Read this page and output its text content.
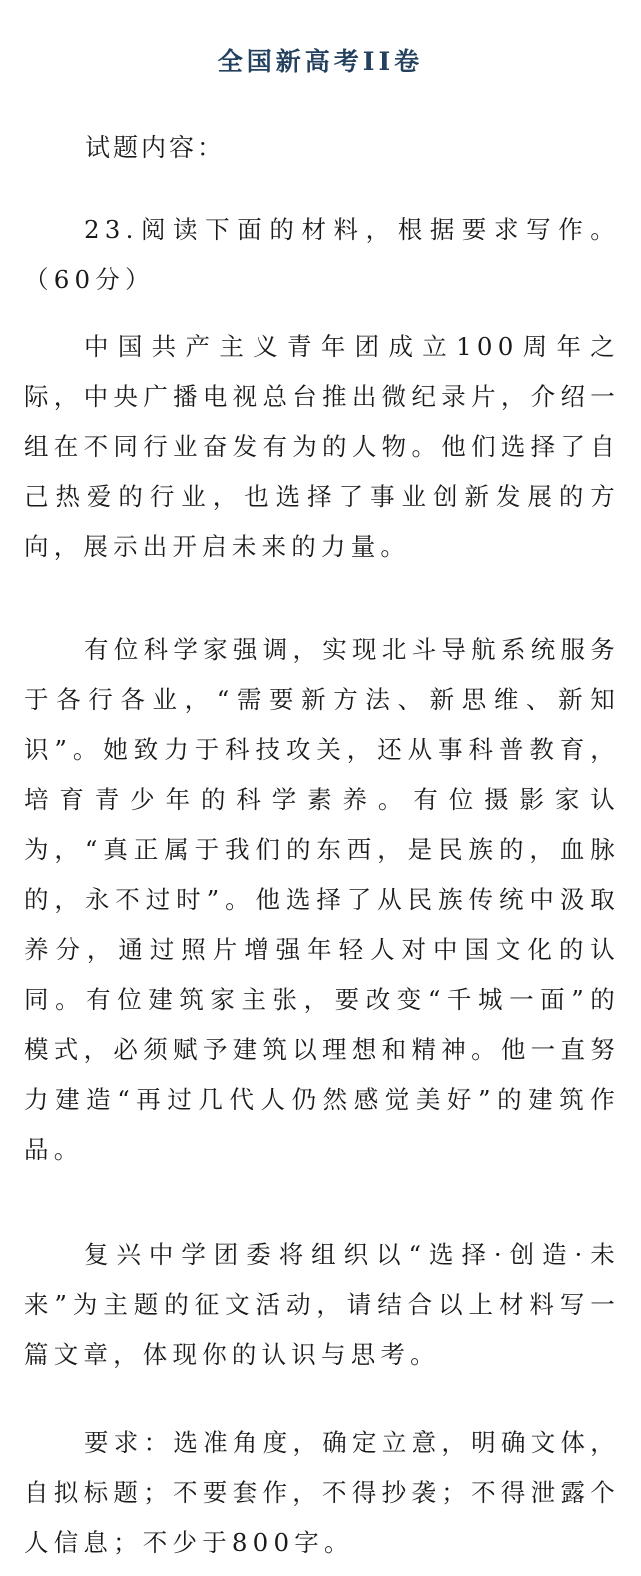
全国新高考II卷
试题内容：
23.阅读下面的材料，根据要求写作。（60分）
中国共产主义青年团成立100周年之际，中央广播电视总台推出微纪录片，介绍一组在不同行业奋发有为的人物。他们选择了自己热爱的行业，也选择了事业创新发展的方向，展示出开启未来的力量。
有位科学家强调，实现北斗导航系统服务于各行各业，“需要新方法、新思维、新知识”。她致力于科技攻关，还从事科普教育，培育青少年的科学素养。有位摄影家认为，“真正属于我们的东西，是民族的，血脉的，永不过时”。他选择了从民族传统中汲取养分，通过照片增强年轻人对中国文化的认同。有位建筑家主张，要改变“千城一面”的模式，必须赋予建筑以理想和精神。他一直努力建造“再过几代人仍然感觉美好”的建筑作品。
复兴中学团委将组织以“选择·创造·未来”为主题的征文活动，请结合以上材料写一篇文章，体现你的认识与思考。
要求：选准角度，确定立意，明确文体，自拟标题；不要套作，不得抄袭；不得泄露个人信息；不少于800字。
